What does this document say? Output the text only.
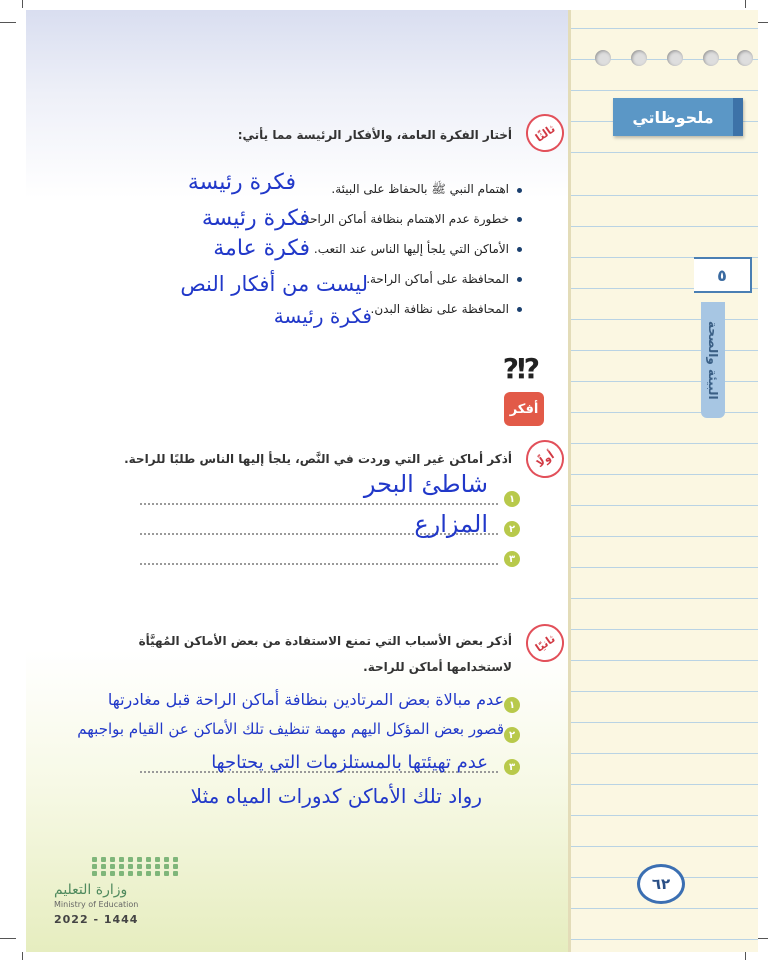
ثالثًا
أختار الفكرة العامة، والأفكار الرئيسة مما يأتي:
اهتمام النبي ﷺ بالحفاظ على البيئة.
فكرة رئيسة
خطورة عدم الاهتمام بنظافة أماكن الراحة.
فكرة رئيسة
الأماكن التي يلجأ إليها الناس عند التعب.
فكرة عامة
المحافظة على أماكن الراحة.
ليست من أفكار النص
المحافظة على نظافة البدن.
فكرة رئيسة
?!?
أفكر
أولًا
أذكر أماكن غير التي وردت في النَّص، يلجأ إليها الناس طلبًا للراحة.
١
شاطئ البحر
٢
المزارع
٣
ثانيًا
أذكر بعض الأسباب التي تمنع الاستفادة من بعض الأماكن المُهيَّأة
لاستخدامها أماكن للراحة.
١
عدم مبالاة بعض المرتادين بنظافة أماكن الراحة قبل مغادرتها
٢
قصور بعض المؤكل اليهم مهمة تنظيف تلك الأماكن عن القيام بواجبهم
٣
عدم تهيئتها بالمستلزمات التي يحتاجها
رواد تلك الأماكن كدورات المياه مثلا
وزارة التعليم
Ministry of Education
2022 - 1444
ملحوظاتي
٥
البيئة والصحة
٦٢
